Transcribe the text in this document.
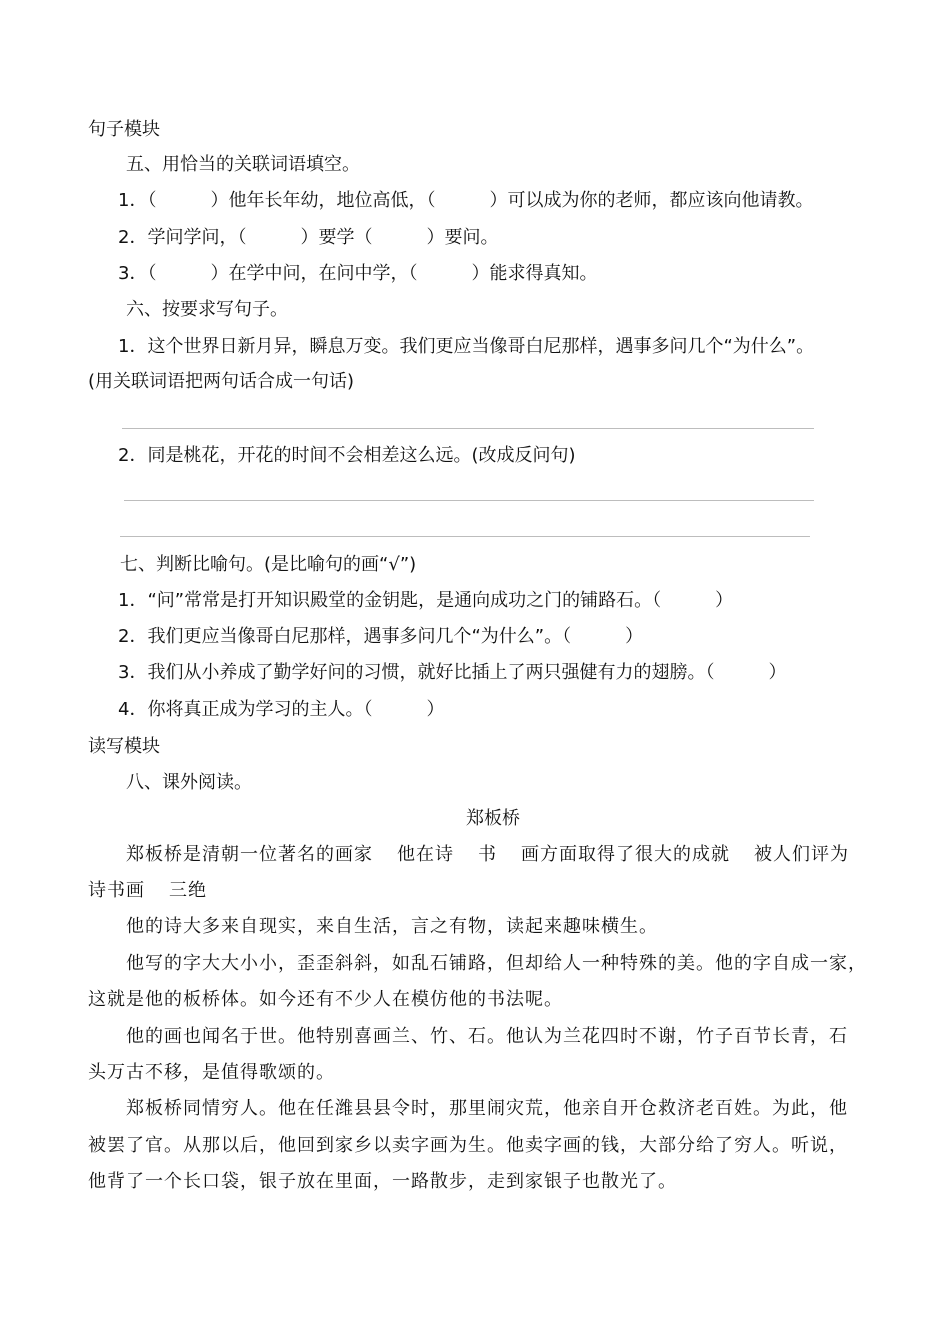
句子模块
五、用恰当的关联词语填空。
1．（	）他年长年幼，地位高低，（	）可以成为你的老师，都应该向他请教。
2．学问学问，（	）要学（	）要问。
3．（	）在学中问，在问中学，（	）能求得真知。
六、按要求写句子。
1．这个世界日新月异，瞬息万变。我们更应当像哥白尼那样，遇事多问几个“为什么”。
(用关联词语把两句话合成一句话)
2．同是桃花，开花的时间不会相差这么远。(改成反问句)
七、判断比喻句。(是比喻句的画“√”)
1．“问”常常是打开知识殿堂的金钥匙，是通向成功之门的铺路石。（	）
2．我们更应当像哥白尼那样，遇事多问几个“为什么”。（	）
3．我们从小养成了勤学好问的习惯，就好比插上了两只强健有力的翅膀。（	）
4．你将真正成为学习的主人。（	）
读写模块
八、课外阅读。
郑板桥
郑板桥是清朝一位著名的画家 他在诗 书 画方面取得了很大的成就 被人们评为
诗书画 三绝
他的诗大多来自现实，来自生活，言之有物，读起来趣味横生。
他写的字大大小小，歪歪斜斜，如乱石铺路，但却给人一种特殊的美。他的字自成一家，
这就是他的板桥体。如今还有不少人在模仿他的书法呢。
他的画也闻名于世。他特别喜画兰、竹、石。他认为兰花四时不谢，竹子百节长青，石
头万古不移，是值得歌颂的。
郑板桥同情穷人。他在任潍县县令时，那里闹灾荒，他亲自开仓救济老百姓。为此，他
被罢了官。从那以后，他回到家乡以卖字画为生。他卖字画的钱，大部分给了穷人。听说，
他背了一个长口袋，银子放在里面，一路散步，走到家银子也散光了。
